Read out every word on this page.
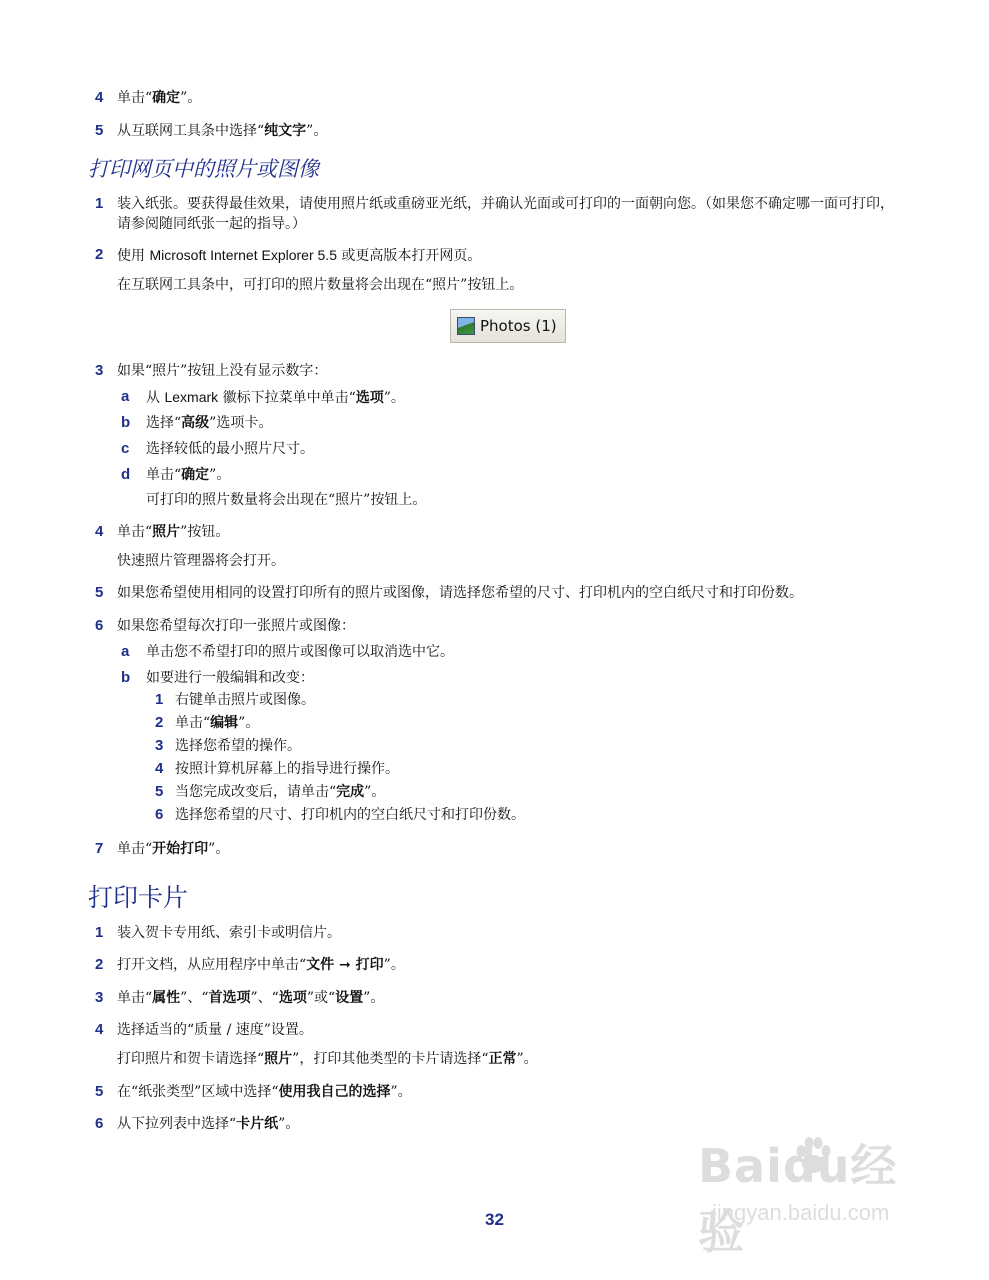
4 单击“确定”。
5 从互联网工具条中选择“纯文字”。
打印网页中的照片或图像
1 装入纸张。要获得最佳效果，请使用照片纸或重磅亚光纸，并确认光面或可打印的一面朝向您。（如果您不确定哪一面可打印，请参阅随同纸张一起的指导。）
2 使用 Microsoft Internet Explorer 5.5 或更高版本打开网页。
在互联网工具条中，可打印的照片数量将会出现在“照片”按钮上。
Photos (1)
3 如果“照片”按钮上没有显示数字：
a 从 Lexmark 徽标下拉菜单中单击“选项”。
b 选择“高级”选项卡。
c 选择较低的最小照片尺寸。
d 单击“确定”。
可打印的照片数量将会出现在“照片”按钮上。
4 单击“照片”按钮。
快速照片管理器将会打开。
5 如果您希望使用相同的设置打印所有的照片或图像，请选择您希望的尺寸、打印机内的空白纸尺寸和打印份数。
6 如果您希望每次打印一张照片或图像：
a 单击您不希望打印的照片或图像可以取消选中它。
b 如要进行一般编辑和改变：
1 右键单击照片或图像。
2 单击“编辑”。
3 选择您希望的操作。
4 按照计算机屏幕上的指导进行操作。
5 当您完成改变后，请单击“完成”。
6 选择您希望的尺寸、打印机内的空白纸尺寸和打印份数。
7 单击“开始打印”。
打印卡片
1 装入贺卡专用纸、索引卡或明信片。
2 打开文档，从应用程序中单击“文件 ➞ 打印”。
3 单击“属性”、“首选项”、“选项”或“设置”。
4 选择适当的“质量 / 速度”设置。
打印照片和贺卡请选择“照片”，打印其他类型的卡片请选择“正常”。
5 在“纸张类型”区域中选择“使用我自己的选择”。
6 从下拉列表中选择“卡片纸”。
Baidu经验
jingyan.baidu.com
32
